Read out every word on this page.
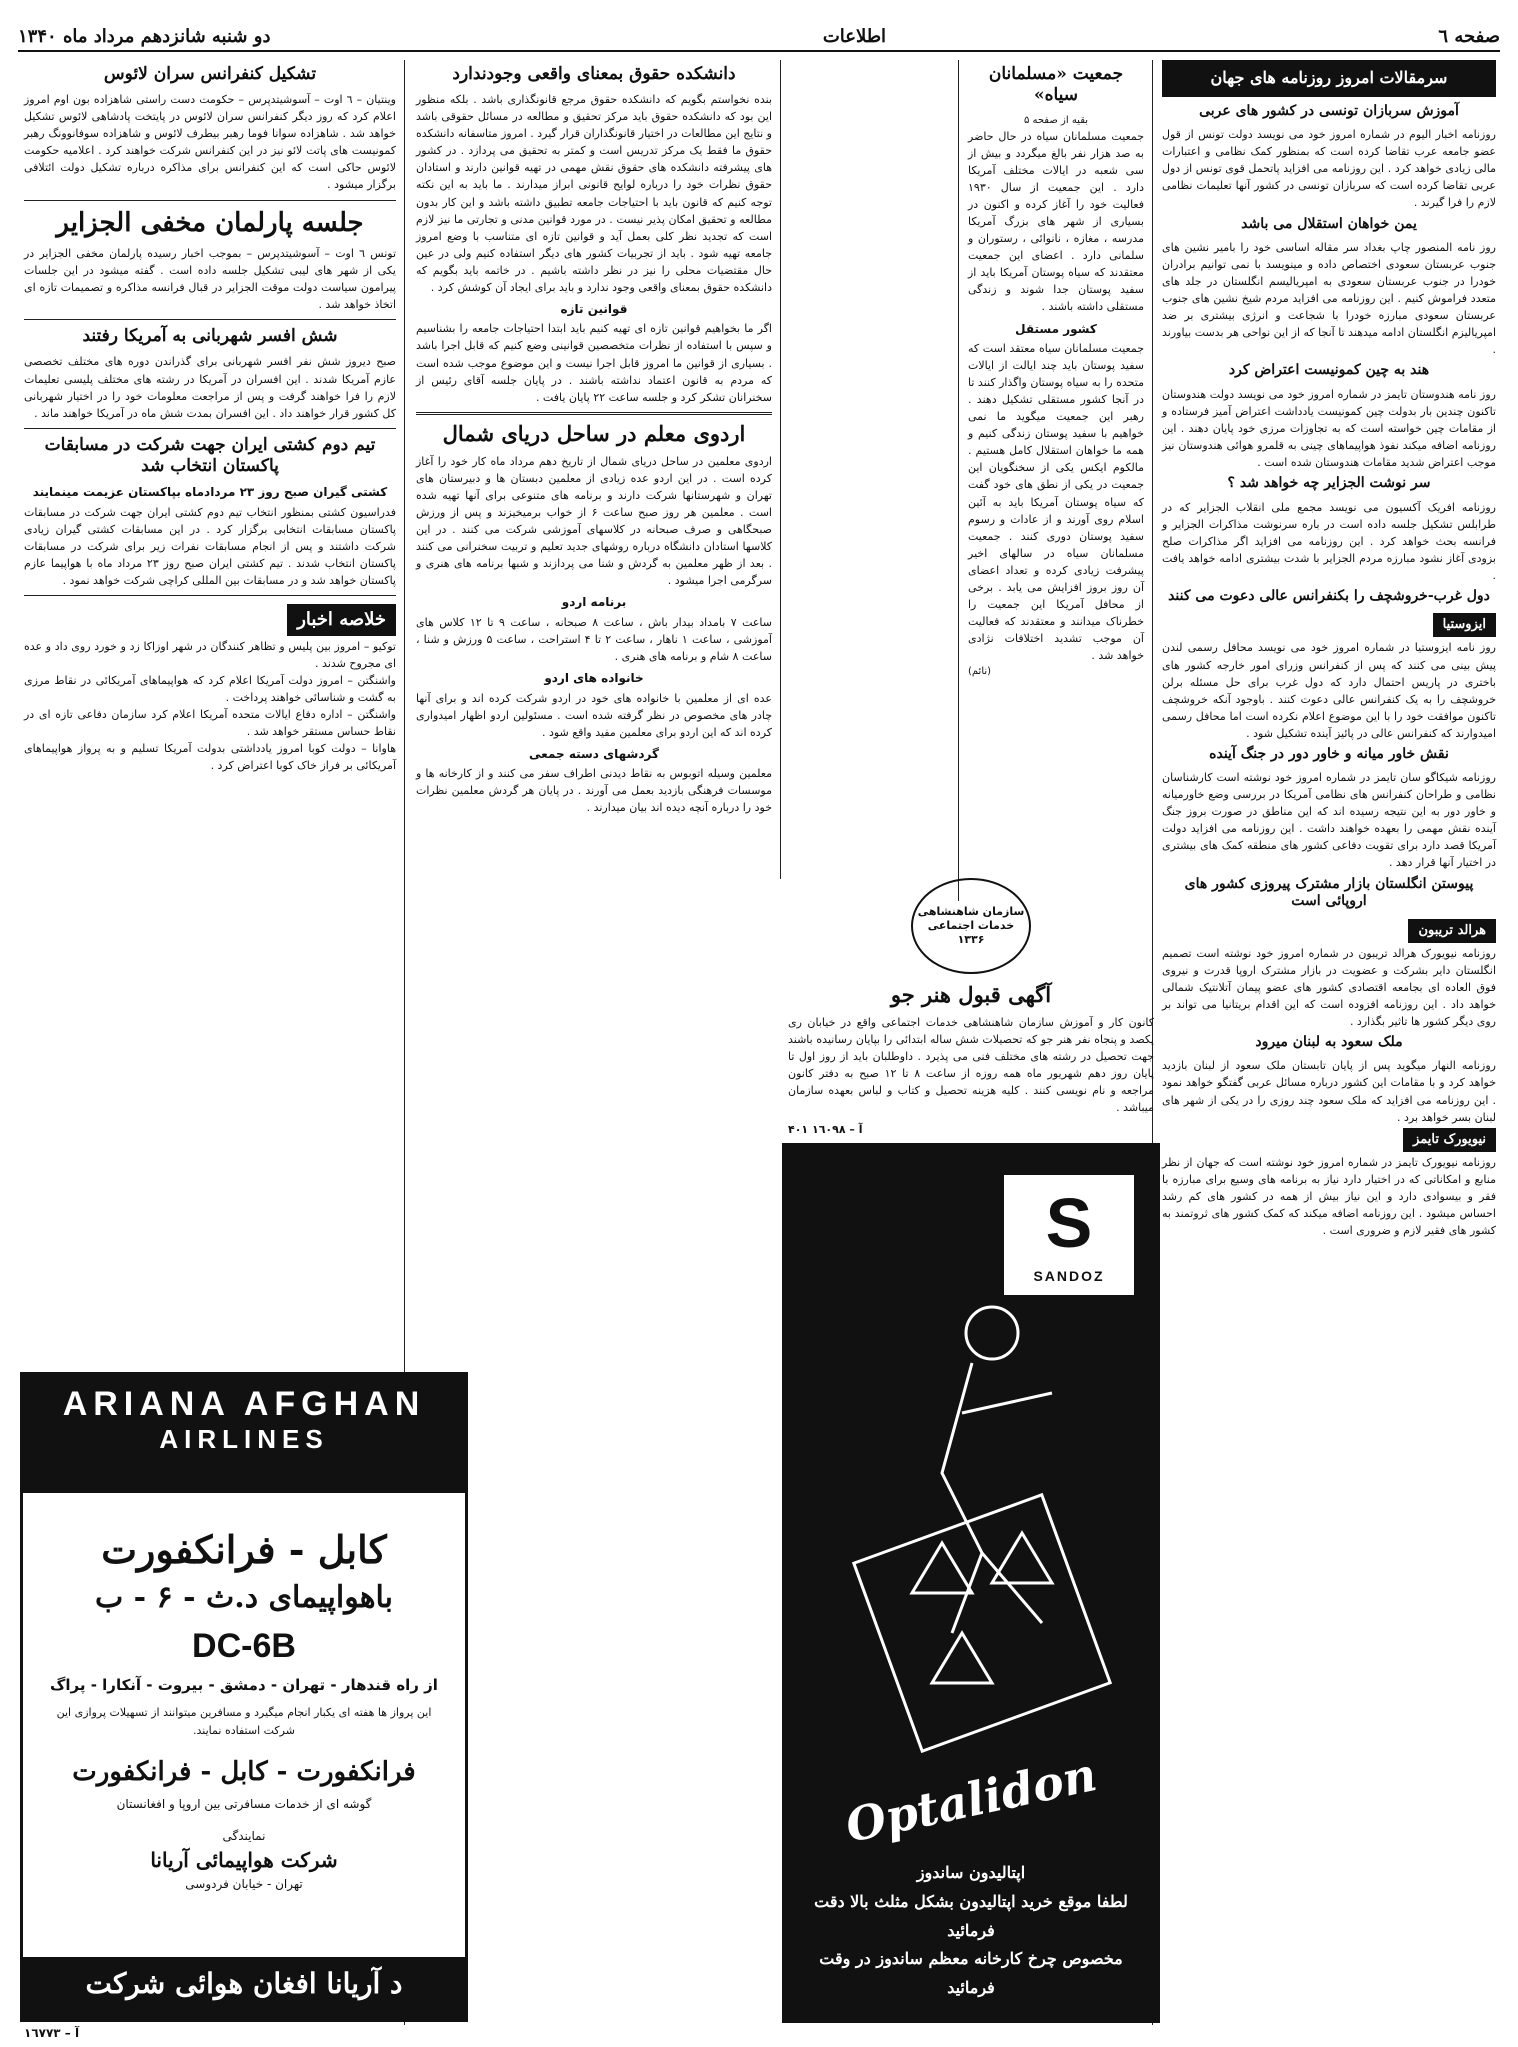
صفحه ٦
اطلاعات
دو شنبه شانزدهم مرداد ماه ۱۳۴۰
سرمقالات امروز روزنامه های جهان
آموزش سربازان تونسی در کشور های عربی

روزنامه اخبار الیوم در شماره امروز خود می نویسد دولت تونس از قول عضو جامعه عرب تقاضا کرده است که بمنظور کمک نظامی و اعتبارات مالی زیادی خواهد کرد . این روزنامه می افزاید پاتحمل قوی تونس از دول عربی تقاضا کرده است که سربازان تونسی در کشور آنها تعلیمات نظامی لازم را فرا گیرند .

یمن خواهان استقلال می باشد

روز نامه المنصور چاپ بغداد سر مقاله اساسی خود را بامیر نشین های جنوب عربستان سعودی اختصاص داده و مینویسد با نمی توانیم برادران خودرا در جنوب عربستان سعودی به امپریالیسم انگلستان در جلد های متعدد فراموش کنیم . این روزنامه می افزاید مردم شیخ نشین های جنوب عربستان سعودی مبارزه خودرا با شجاعت و انرژی بیشتری بر ضد امپریالیزم انگلستان ادامه میدهند تا آنجا که از این نواحی هر بدست بیاورند .

هند به چین کمونیست اعتراض کرد

روز نامه هندوستان تایمز در شماره امروز خود می نویسد دولت هندوستان تاکنون چندین بار بدولت چین کمونیست یادداشت اعتراض آمیز فرستاده و از مقامات چین خواسته است که به تجاوزات مرزی خود پایان دهند . این روزنامه اضافه میکند نفوذ هواپیماهای چینی به قلمرو هوائی هندوستان نیز موجب اعتراض شدید مقامات هندوستان شده است .

سر نوشت الجزایر چه خواهد شد ؟

روزنامه افریک آکسیون می نویسد مجمع ملی انقلاب الجزایر که در طرابلس تشکیل جلسه داده است در باره سرنوشت مذاکرات الجزایر و فرانسه بحث خواهد کرد . این روزنامه می افزاید اگر مذاکرات صلح بزودی آغاز نشود مبارزه مردم الجزایر با شدت بیشتری ادامه خواهد یافت .

دول غرب-خروشچف را بکنفرانس عالی دعوت می کنند
ایزوستیا

روز نامه ایزوستیا در شماره امروز خود می نویسد محافل رسمی لندن پیش بینی می کنند که پس از کنفرانس وزرای امور خارجه کشور های باختری در پاریس احتمال دارد که دول غرب برای حل مسئله برلن خروشچف را به یک کنفرانس عالی دعوت کنند . باوجود آنکه خروشچف تاکنون موافقت خود را با این موضوع اعلام نکرده است اما محافل رسمی امیدوارند که کنفرانس عالی در پائیز آینده تشکیل شود .

نقش خاور میانه و خاور دور در جنگ آینده

روزنامه شیکاگو سان تایمز در شماره امروز خود نوشته است کارشناسان نظامی و طراحان کنفرانس های نظامی آمریکا در بررسی وضع خاورمیانه و خاور دور به این نتیجه رسیده اند که این مناطق در صورت بروز جنگ آینده نقش مهمی را بعهده خواهند داشت . این روزنامه می افزاید دولت آمریکا قصد دارد برای تقویت دفاعی کشور های منطقه کمک های بیشتری در اختیار آنها قرار دهد .

پیوستن انگلستان بازار مشترک پیروزی کشور های اروپائی است
هرالد تریبون

روزنامه نیویورک هرالد تریبون در شماره امروز خود نوشته است تصمیم انگلستان دایر بشرکت و عضویت در بازار مشترک اروپا قدرت و نیروی فوق العاده ای بجامعه اقتصادی کشور های عضو پیمان آتلانتیک شمالی خواهد داد . این روزنامه افزوده است که این اقدام بریتانیا می تواند بر روی دیگر کشور ها تاثیر بگذارد .

ملک سعود به لبنان میرود

روزنامه النهار میگوید پس از پایان تابستان ملک سعود از لبنان بازدید خواهد کرد و با مقامات این کشور درباره مسائل عربی گفتگو خواهد نمود . این روزنامه می افزاید که ملک سعود چند روزی را در یکی از شهر های لبنان بسر خواهد برد .

نیویورک تایمز

روزنامه نیویورک تایمز در شماره امروز خود نوشته است که جهان از نظر منابع و امکاناتی که در اختیار دارد نیاز به برنامه های وسیع برای مبارزه با فقر و بیسوادی دارد و این نیاز بیش از همه در کشور های کم رشد احساس میشود . این روزنامه اضافه میکند که کمک کشور های ثروتمند به کشور های فقیر لازم و ضروری است .

جمعیت «مسلمانان سیاه»
بقیه از صفحه ۵

جمعیت مسلمانان سیاه در حال حاضر به صد هزار نفر بالغ میگردد و بیش از سی شعبه در ایالات مختلف آمریکا دارد . این جمعیت از سال ۱۹۳۰ فعالیت خود را آغاز کرده و اکنون در بسیاری از شهر های بزرگ آمریکا مدرسه ، مغازه ، نانوائی ، رستوران و سلمانی دارد . اعضای این جمعیت معتقدند که سیاه پوستان آمریکا باید از سفید پوستان جدا شوند و زندگی مستقلی داشته باشند .

کشور مستقل

جمعیت مسلمانان سیاه معتقد است که سفید پوستان باید چند ایالت از ایالات متحده را به سیاه پوستان واگذار کنند تا در آنجا کشور مستقلی تشکیل دهند . رهبر این جمعیت میگوید ما نمی خواهیم با سفید پوستان زندگی کنیم و همه ما خواهان استقلال کامل هستیم . مالکوم ایکس یکی از سخنگویان این جمعیت در یکی از نطق های خود گفت که سیاه پوستان آمریکا باید به آئین اسلام روی آورند و از عادات و رسوم سفید پوستان دوری کنند . جمعیت مسلمانان سیاه در سالهای اخیر پیشرفت زیادی کرده و تعداد اعضای آن روز بروز افزایش می یابد . برخی از محافل آمریکا این جمعیت را خطرناک میدانند و معتقدند که فعالیت آن موجب تشدید اختلافات نژادی خواهد شد .

(نائم)
سازمان شاهنشاهی خدمات اجتماعی ۱۳۳۶
آگهی قبول هنر جو

کانون کار و آموزش سازمان شاهنشاهی خدمات اجتماعی واقع در خیابان ری یکصد و پنجاه نفر هنر جو که تحصیلات شش ساله ابتدائی را بپایان رسانیده باشند جهت تحصیل در رشته های مختلف فنی می پذیرد . داوطلبان باید از روز اول تا پایان روز دهم شهریور ماه همه روزه از ساعت ۸ تا ۱۲ صبح به دفتر کانون مراجعه و نام نویسی کنند . کلیه هزینه تحصیل و کتاب و لباس بعهده سازمان میباشد .

آ – ۱٦۰۹۸ ۴۰۱
S
SANDOZ
Optalidon
اپتالیدون ساندوز
لطفا موقع خرید اپتالیدون بشکل مثلث بالا دقت فرمائید
مخصوص چرخ کارخانه معظم ساندوز در وقت فرمائید
دانشکده حقوق بمعنای واقعی وجودندارد

بنده نخواستم بگویم که دانشکده حقوق مرجع قانونگذاری باشد . بلکه منظور این بود که دانشکده حقوق باید مرکز تحقیق و مطالعه در مسائل حقوقی باشد و نتایج این مطالعات در اختیار قانونگذاران قرار گیرد . امروز متاسفانه دانشکده حقوق ما فقط یک مرکز تدریس است و کمتر به تحقیق می پردازد . در کشور های پیشرفته دانشکده های حقوق نقش مهمی در تهیه قوانین دارند و استادان حقوق نظرات خود را درباره لوایح قانونی ابراز میدارند . ما باید به این نکته توجه کنیم که قانون باید با احتیاجات جامعه تطبیق داشته باشد و این کار بدون مطالعه و تحقیق امکان پذیر نیست . در مورد قوانین مدنی و تجارتی ما نیز لازم است که تجدید نظر کلی بعمل آید و قوانین تازه ای متناسب با وضع امروز جامعه تهیه شود . باید از تجربیات کشور های دیگر استفاده کنیم ولی در عین حال مقتضیات محلی را نیز در نظر داشته باشیم . در خاتمه باید بگویم که دانشکده حقوق بمعنای واقعی وجود ندارد و باید برای ایجاد آن کوشش کرد .

قوانین تازه

اگر ما بخواهیم قوانین تازه ای تهیه کنیم باید ابتدا احتیاجات جامعه را بشناسیم و سپس با استفاده از نظرات متخصصین قوانینی وضع کنیم که قابل اجرا باشد . بسیاری از قوانین ما امروز قابل اجرا نیست و این موضوع موجب شده است که مردم به قانون اعتماد نداشته باشند . در پایان جلسه آقای رئیس از سخنرانان تشکر کرد و جلسه ساعت ۲۲ پایان یافت .

اردوی معلم در ساحل دریای شمال

اردوی معلمین در ساحل دریای شمال از تاریخ دهم مرداد ماه کار خود را آغاز کرده است . در این اردو عده زیادی از معلمین دبستان ها و دبیرستان های تهران و شهرستانها شرکت دارند و برنامه های متنوعی برای آنها تهیه شده است . معلمین هر روز صبح ساعت ۶ از خواب برمیخیزند و پس از ورزش صبحگاهی و صرف صبحانه در کلاسهای آموزشی شرکت می کنند . در این کلاسها استادان دانشگاه درباره روشهای جدید تعلیم و تربیت سخنرانی می کنند . بعد از ظهر معلمین به گردش و شنا می پردازند و شبها برنامه های هنری و سرگرمی اجرا میشود .

برنامه اردو

ساعت ۷ بامداد بیدار باش ، ساعت ۸ صبحانه ، ساعت ۹ تا ۱۲ کلاس های آموزشی ، ساعت ۱ ناهار ، ساعت ۲ تا ۴ استراحت ، ساعت ۵ ورزش و شنا ، ساعت ۸ شام و برنامه های هنری .

خانواده های اردو

عده ای از معلمین با خانواده های خود در اردو شرکت کرده اند و برای آنها چادر های مخصوص در نظر گرفته شده است . مسئولین اردو اظهار امیدواری کرده اند که این اردو برای معلمین مفید واقع شود .

گردشهای دسته جمعی

معلمین وسیله اتوبوس به نقاط دیدنی اطراف سفر می کنند و از کارخانه ها و موسسات فرهنگی بازدید بعمل می آورند . در پایان هر گردش معلمین نظرات خود را درباره آنچه دیده اند بیان میدارند .

تشکیل کنفرانس سران لائوس

وینتیان – ٦ اوت – آسوشیتدپرس – حکومت دست راستی شاهزاده بون اوم امروز اعلام کرد که روز دیگر کنفرانس سران لائوس در پایتخت پادشاهی لائوس تشکیل خواهد شد . شاهزاده سوانا فوما رهبر بیطرف لائوس و شاهزاده سوفانوونگ رهبر کمونیست های پاتت لائو نیز در این کنفرانس شرکت خواهند کرد . اعلامیه حکومت لائوس حاکی است که این کنفرانس برای مذاکره درباره تشکیل دولت ائتلافی برگزار میشود .

جلسه پارلمان مخفی الجزایر

تونس ٦ اوت – آسوشیتدپرس – بموجب اخبار رسیده پارلمان مخفی الجزایر در یکی از شهر های لیبی تشکیل جلسه داده است . گفته میشود در این جلسات پیرامون سیاست دولت موقت الجزایر در قبال فرانسه مذاکره و تصمیمات تازه ای اتخاذ خواهد شد .

شش افسر شهربانی به آمریکا رفتند

صبح دیروز شش نفر افسر شهربانی برای گذراندن دوره های مختلف تخصصی عازم آمریکا شدند . این افسران در آمریکا در رشته های مختلف پلیسی تعلیمات لازم را فرا خواهند گرفت و پس از مراجعت معلومات خود را در اختیار شهربانی کل کشور قرار خواهند داد . این افسران بمدت شش ماه در آمریکا خواهند ماند .

تیم دوم کشتی ایران جهت شرکت در مسابقات پاکستان انتخاب شد
کشتی گیران صبح روز ۲۳ مردادماه بپاکستان عزیمت مینمایند

فدراسیون کشتی بمنظور انتخاب تیم دوم کشتی ایران جهت شرکت در مسابقات پاکستان مسابقات انتخابی برگزار کرد . در این مسابقات کشتی گیران زیادی شرکت داشتند و پس از انجام مسابقات نفرات زیر برای شرکت در مسابقات پاکستان انتخاب شدند . تیم کشتی ایران صبح روز ۲۳ مرداد ماه با هواپیما عازم پاکستان خواهد شد و در مسابقات بین المللی کراچی شرکت خواهد نمود .

خلاصه اخبار

توکیو – امروز بین پلیس و تظاهر کنندگان در شهر اوزاکا زد و خورد روی داد و عده ای مجروح شدند .

واشنگتن – امروز دولت آمریکا اعلام کرد که هواپیماهای آمریکائی در نقاط مرزی به گشت و شناسائی خواهند پرداخت .

واشنگتن – اداره دفاع ایالات متحده آمریکا اعلام کرد سازمان دفاعی تازه ای در نقاط حساس مستقر خواهد شد .

هاوانا – دولت کوبا امروز یادداشتی بدولت آمریکا تسلیم و به پرواز هواپیماهای آمریکائی بر فراز خاک کوبا اعتراض کرد .

ARIANA AFGHAN
AIRLINES
کابل - فرانکفورت
باهواپیمای د.ث - ۶ - ب
DC-6B
از راه قندهار - تهران - دمشق - بیروت - آنکارا - پراگ
این پرواز ها هفته ای یکبار انجام میگیرد و مسافرین میتوانند از تسهیلات پروازی این شرکت استفاده نمایند.
فرانکفورت - کابل - فرانکفورت
گوشه ای از خدمات مسافرتی بین اروپا و افغانستان
نمایندگی
شرکت هواپیمائی آریانا
تهران - خیابان فردوسی
د آریانا افغان هوائی شرکت
آ – ۱٦۷۷۳
